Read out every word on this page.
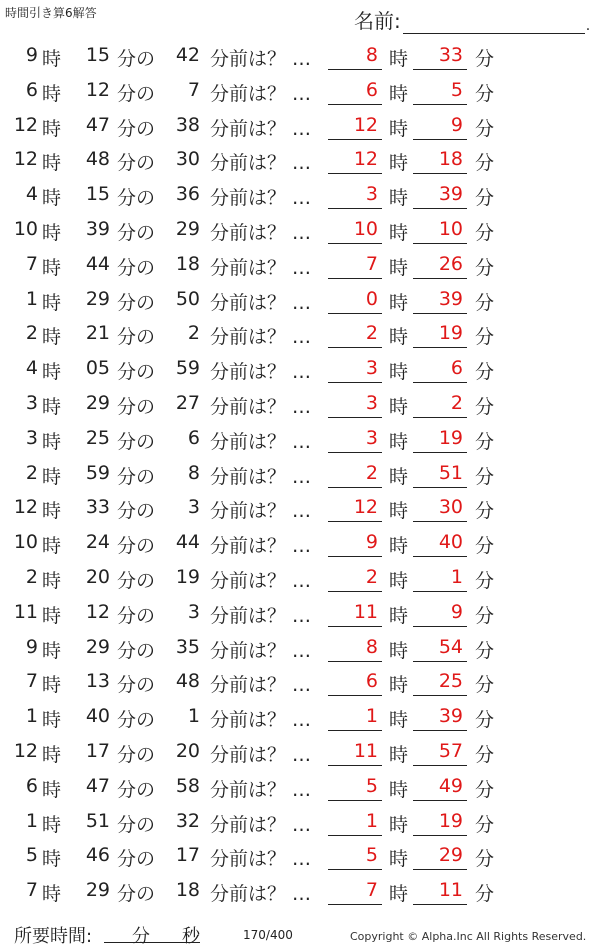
時間引き算6解答	名前:	.
9 時	15 分の	42 分前は？ …	8 時	33 分
6 時	12 分の	7 分前は？ …	6 時	5 分
12 時	47 分の	38 分前は？ …	12 時	9 分
12 時	48 分の	30 分前は？ …	12 時	18 分
4 時	15 分の	36 分前は？ …	3 時	39 分
10 時	39 分の	29 分前は？ …	10 時	10 分
7 時	44 分の	18 分前は？ …	7 時	26 分
1 時	29 分の	50 分前は？ …	0 時	39 分
2 時	21 分の	2 分前は？ …	2 時	19 分
4 時	05 分の	59 分前は？ …	3 時	6 分
3 時	29 分の	27 分前は？ …	3 時	2 分
3 時	25 分の	6 分前は？ …	3 時	19 分
2 時	59 分の	8 分前は？ …	2 時	51 分
12 時	33 分の	3 分前は？ …	12 時	30 分
10 時	24 分の	44 分前は？ …	9 時	40 分
2 時	20 分の	19 分前は？ …	2 時	1 分
11 時	12 分の	3 分前は？ …	11 時	9 分
9 時	29 分の	35 分前は？ …	8 時	54 分
7 時	13 分の	48 分前は？ …	6 時	25 分
1 時	40 分の	1 分前は？ …	1 時	39 分
12 時	17 分の	20 分前は？ …	11 時	57 分
6 時	47 分の	58 分前は？ …	5 時	49 分
1 時	51 分の	32 分前は？ …	1 時	19 分
5 時	46 分の	17 分前は？ …	5 時	29 分
7 時	29 分の	18 分前は？ …	7 時	11 分
所要時間: 分 秒	170/400	Copyright © Alpha.Inc All Rights Reserved.
